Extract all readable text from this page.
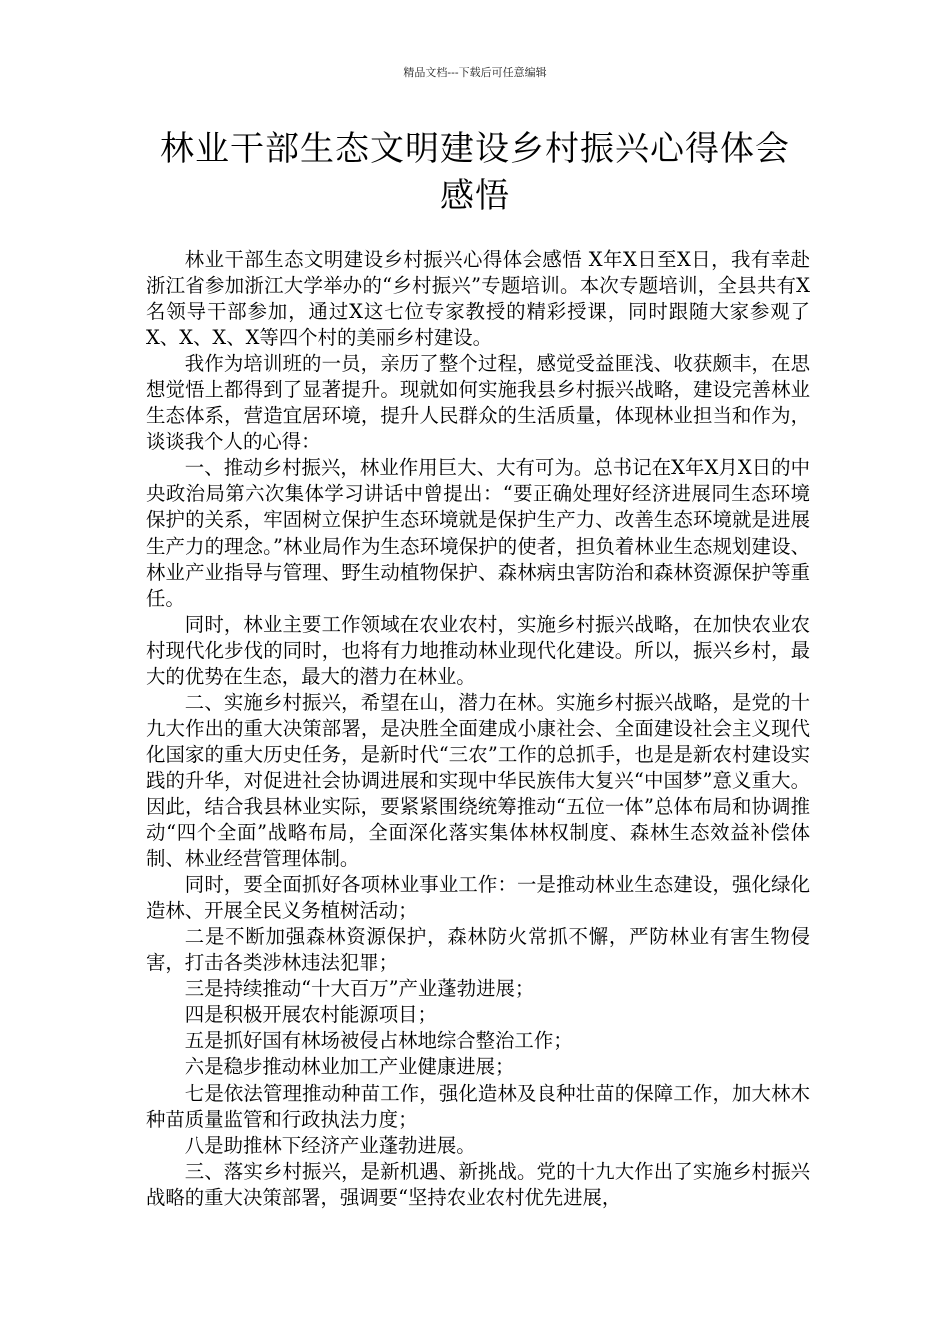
精品文档---下载后可任意编辑
林业干部生态文明建设乡村振兴心得体会
感悟

林业干部生态文明建设乡村振兴心得体会感悟 X年X日至X日，我有幸赴浙江省参加浙江大学举办的“乡村振兴”专题培训。本次专题培训，全县共有X名领导干部参加，通过X这七位专家教授的精彩授课，同时跟随大家参观了X、X、X、X等四个村的美丽乡村建设。

我作为培训班的一员，亲历了整个过程，感觉受益匪浅、收获颇丰，在思想觉悟上都得到了显著提升。现就如何实施我县乡村振兴战略，建设完善林业生态体系，营造宜居环境，提升人民群众的生活质量，体现林业担当和作为，谈谈我个人的心得：

一、推动乡村振兴，林业作用巨大、大有可为。总书记在X年X月X日的中央政治局第六次集体学习讲话中曾提出：“要正确处理好经济进展同生态环境保护的关系，牢固树立保护生态环境就是保护生产力、改善生态环境就是进展生产力的理念。”林业局作为生态环境保护的使者，担负着林业生态规划建设、林业产业指导与管理、野生动植物保护、森林病虫害防治和森林资源保护等重任。

同时，林业主要工作领域在农业农村，实施乡村振兴战略，在加快农业农村现代化步伐的同时，也将有力地推动林业现代化建设。所以，振兴乡村，最大的优势在生态，最大的潜力在林业。

二、实施乡村振兴，希望在山，潜力在林。实施乡村振兴战略，是党的十九大作出的重大决策部署，是决胜全面建成小康社会、全面建设社会主义现代化国家的重大历史任务，是新时代“三农”工作的总抓手，也是是新农村建设实践的升华，对促进社会协调进展和实现中华民族伟大复兴“中国梦”意义重大。因此，结合我县林业实际，要紧紧围绕统筹推动“五位一体”总体布局和协调推动“四个全面”战略布局，全面深化落实集体林权制度、森林生态效益补偿体制、林业经营管理体制。

同时，要全面抓好各项林业事业工作：一是推动林业生态建设，强化绿化造林、开展全民义务植树活动；

二是不断加强森林资源保护，森林防火常抓不懈，严防林业有害生物侵害，打击各类涉林违法犯罪；

三是持续推动“十大百万”产业蓬勃进展；

四是积极开展农村能源项目；

五是抓好国有林场被侵占林地综合整治工作；

六是稳步推动林业加工产业健康进展；

七是依法管理推动种苗工作，强化造林及良种壮苗的保障工作，加大林木种苗质量监管和行政执法力度；

八是助推林下经济产业蓬勃进展。

三、落实乡村振兴，是新机遇、新挑战。党的十九大作出了实施乡村振兴战略的重大决策部署，强调要“坚持农业农村优先进展，
